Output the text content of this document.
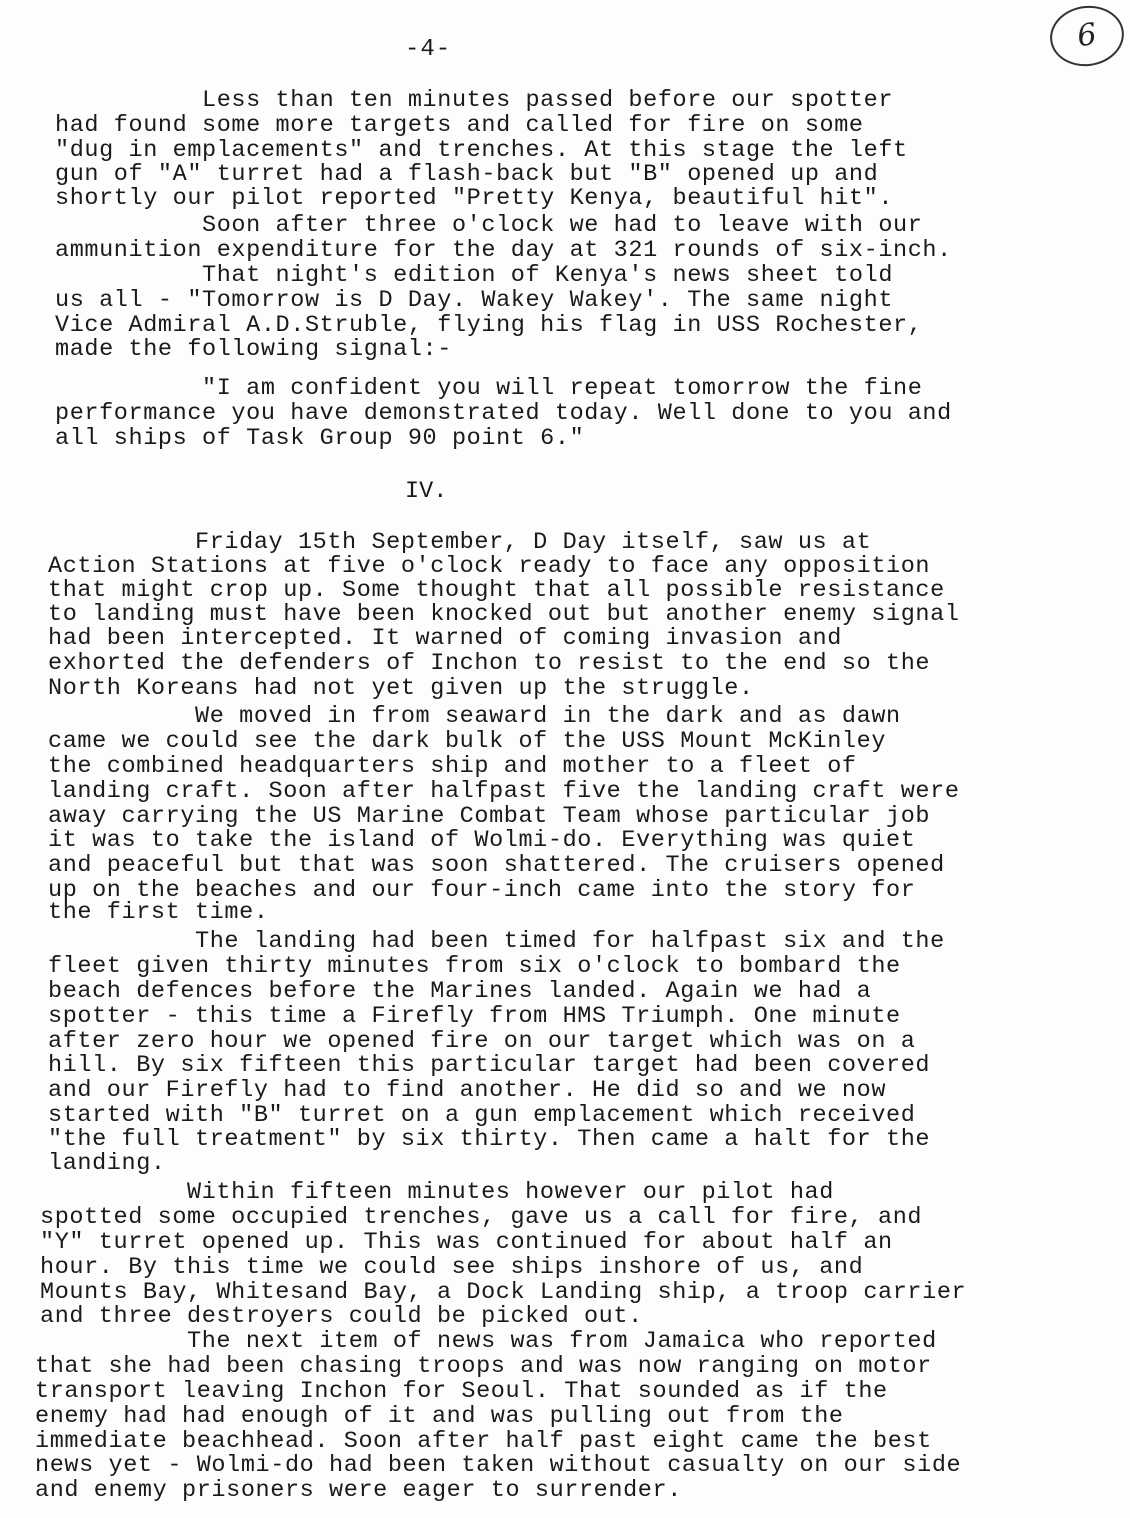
-4-	6
Less than ten minutes passed before our spotter
had found some more targets and called for fire on some
"dug in emplacements" and trenches. At this stage the left
gun of "A" turret had a flash-back but "B" opened up and
shortly our pilot reported "Pretty Kenya, beautiful hit".
Soon after three o'clock we had to leave with our
ammunition expenditure for the day at 321 rounds of six-inch.
That night's edition of Kenya's news sheet told
us all - "Tomorrow is D Day. Wakey Wakey'. The same night
Vice Admiral A.D.Struble, flying his flag in USS Rochester,
made the following signal:-
"I am confident you will repeat tomorrow the fine
performance you have demonstrated today. Well done to you and
all ships of Task Group 90 point 6."
IV.
Friday 15th September, D Day itself, saw us at
Action Stations at five o'clock ready to face any opposition
that might crop up. Some thought that all possible resistance
to landing must have been knocked out but another enemy signal
had been intercepted. It warned of coming invasion and
exhorted the defenders of Inchon to resist to the end so the
North Koreans had not yet given up the struggle.
We moved in from seaward in the dark and as dawn
came we could see the dark bulk of the USS Mount McKinley
the combined headquarters ship and mother to a fleet of
landing craft. Soon after halfpast five the landing craft were
away carrying the US Marine Combat Team whose particular job
it was to take the island of Wolmi-do. Everything was quiet
and peaceful but that was soon shattered. The cruisers opened
up on the beaches and our four-inch came into the story for
the first time.
The landing had been timed for halfpast six and the
fleet given thirty minutes from six o'clock to bombard the
beach defences before the Marines landed. Again we had a
spotter - this time a Firefly from HMS Triumph. One minute
after zero hour we opened fire on our target which was on a
hill. By six fifteen this particular target had been covered
and our Firefly had to find another. He did so and we now
started with "B" turret on a gun emplacement which received
"the full treatment" by six thirty. Then came a halt for the
landing.
Within fifteen minutes however our pilot had
spotted some occupied trenches, gave us a call for fire, and
"Y" turret opened up. This was continued for about half an
hour. By this time we could see ships inshore of us, and
Mounts Bay, Whitesand Bay, a Dock Landing ship, a troop carrier
and three destroyers could be picked out.
The next item of news was from Jamaica who reported
that she had been chasing troops and was now ranging on motor
transport leaving Inchon for Seoul. That sounded as if the
enemy had had enough of it and was pulling out from the
immediate beachhead. Soon after half past eight came the best
news yet - Wolmi-do had been taken without casualty on our side
and enemy prisoners were eager to surrender.
